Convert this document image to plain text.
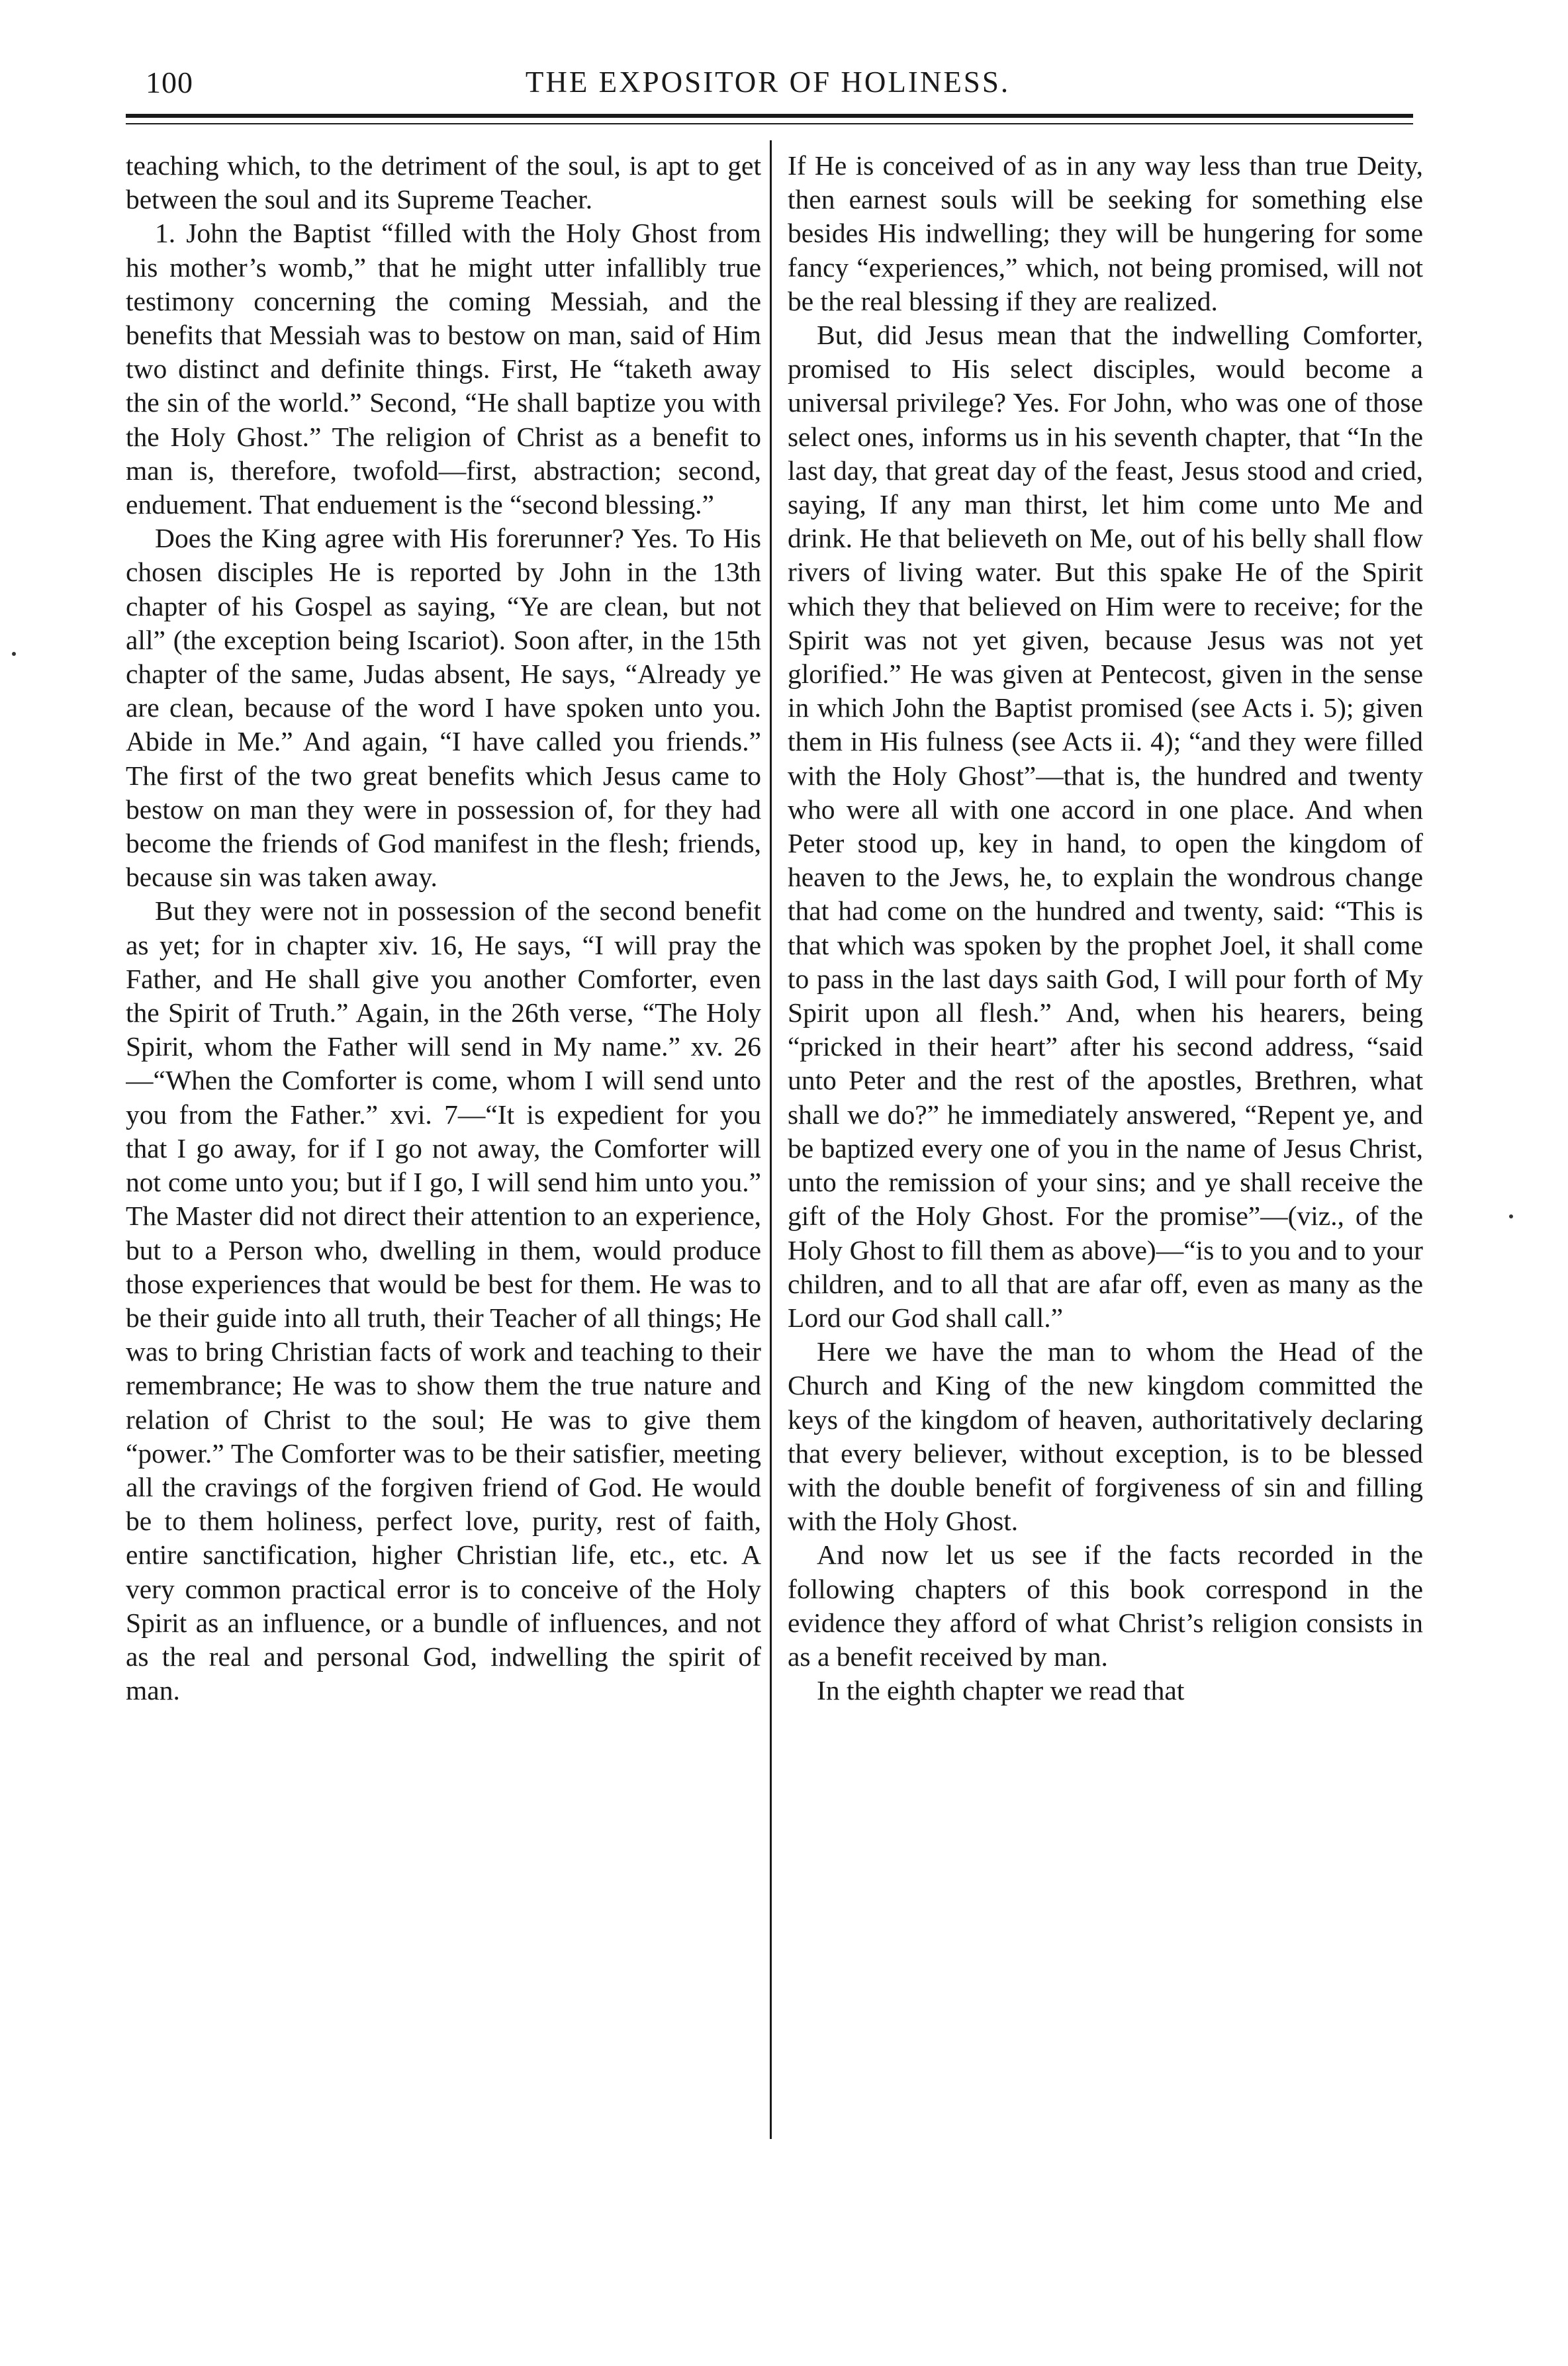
100	THE EXPOSITOR OF HOLINESS.

teaching which, to the detriment of the soul, is apt to get between the soul and its Supreme Teacher.

1. John the Baptist “filled with the Holy Ghost from his mother’s womb,” that he might utter infallibly true testimony concerning the coming Messiah, and the benefits that Messiah was to bestow on man, said of Him two distinct and definite things. First, He “taketh away the sin of the world.” Second, “He shall baptize you with the Holy Ghost.” The religion of Christ as a benefit to man is, therefore, twofold—first, abstraction; second, enduement. That enduement is the “second blessing.”

Does the King agree with His forerunner? Yes. To His chosen disciples He is reported by John in the 13th chapter of his Gospel as saying, “Ye are clean, but not all” (the exception being Iscariot). Soon after, in the 15th chapter of the same, Judas absent, He says, “Already ye are clean, because of the word I have spoken unto you. Abide in Me.” And again, “I have called you friends.” The first of the two great benefits which Jesus came to bestow on man they were in possession of, for they had become the friends of God manifest in the flesh; friends, because sin was taken away.

But they were not in possession of the second benefit as yet; for in chapter xiv. 16, He says, “I will pray the Father, and He shall give you another Comforter, even the Spirit of Truth.” Again, in the 26th verse, “The Holy Spirit, whom the Father will send in My name.” xv. 26—“When the Comforter is come, whom I will send unto you from the Father.” xvi. 7—“It is expedient for you that I go away, for if I go not away, the Comforter will not come unto you; but if I go, I will send him unto you.” The Master did not direct their attention to an experience, but to a Person who, dwelling in them, would produce those experiences that would be best for them. He was to be their guide into all truth, their Teacher of all things; He was to bring Christian facts of work and teaching to their remembrance; He was to show them the true nature and relation of Christ to the soul; He was to give them “power.” The Comforter was to be their satisfier, meeting all the cravings of the forgiven friend of God. He would be to them holiness, perfect love, purity, rest of faith, entire sanctification, higher Christian life, etc., etc. A very common practical error is to conceive of the Holy Spirit as an influence, or a bundle of influences, and not as the real and personal God, indwelling the spirit of man.

If He is conceived of as in any way less than true Deity, then earnest souls will be seeking for something else besides His indwelling; they will be hungering for some fancy “experiences,” which, not being promised, will not be the real blessing if they are realized.

But, did Jesus mean that the indwelling Comforter, promised to His select disciples, would become a universal privilege? Yes. For John, who was one of those select ones, informs us in his seventh chapter, that “In the last day, that great day of the feast, Jesus stood and cried, saying, If any man thirst, let him come unto Me and drink. He that believeth on Me, out of his belly shall flow rivers of living water. But this spake He of the Spirit which they that believed on Him were to receive; for the Spirit was not yet given, because Jesus was not yet glorified.” He was given at Pentecost, given in the sense in which John the Baptist promised (see Acts i. 5); given them in His fulness (see Acts ii. 4); “and they were filled with the Holy Ghost”—that is, the hundred and twenty who were all with one accord in one place. And when Peter stood up, key in hand, to open the kingdom of heaven to the Jews, he, to explain the wondrous change that had come on the hundred and twenty, said: “This is that which was spoken by the prophet Joel, it shall come to pass in the last days saith God, I will pour forth of My Spirit upon all flesh.” And, when his hearers, being “pricked in their heart” after his second address, “said unto Peter and the rest of the apostles, Brethren, what shall we do?” he immediately answered, “Repent ye, and be baptized every one of you in the name of Jesus Christ, unto the remission of your sins; and ye shall receive the gift of the Holy Ghost. For the promise”—(viz., of the Holy Ghost to fill them as above)—“is to you and to your children, and to all that are afar off, even as many as the Lord our God shall call.”

Here we have the man to whom the Head of the Church and King of the new kingdom committed the keys of the kingdom of heaven, authoritatively declaring that every believer, without exception, is to be blessed with the double benefit of forgiveness of sin and filling with the Holy Ghost.

And now let us see if the facts recorded in the following chapters of this book correspond in the evidence they afford of what Christ’s religion consists in as a benefit received by man.

In the eighth chapter we read that
